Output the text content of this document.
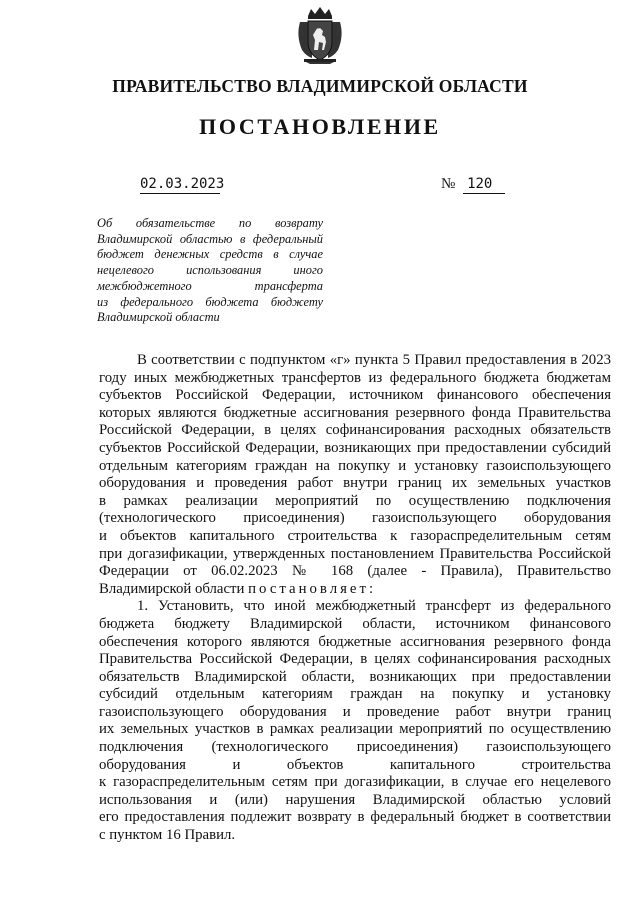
ПРАВИТЕЛЬСТВО ВЛАДИМИРСКОЙ ОБЛАСТИ
ПОСТАНОВЛЕНИЕ
02.03.2023	№ 120
Об обязательстве по возврату
Владимирской областью в федеральный
бюджет денежных средств в случае
нецелевого использования иного
межбюджетного трансферта
из федерального бюджета бюджету
Владимирской области
В соответствии с подпунктом «г» пункта 5 Правил предоставления в 2023
году иных межбюджетных трансфертов из федерального бюджета бюджетам
субъектов Российской Федерации, источником финансового обеспечения
которых являются бюджетные ассигнования резервного фонда Правительства
Российской Федерации, в целях софинансирования расходных обязательств
субъектов Российской Федерации, возникающих при предоставлении субсидий
отдельным категориям граждан на покупку и установку газоиспользующего
оборудования и проведения работ внутри границ их земельных участков
в рамках реализации мероприятий по осуществлению подключения
(технологического присоединения) газоиспользующего оборудования
и объектов капитального строительства к газораспределительным сетям
при догазификации, утвержденных постановлением Правительства Российской
Федерации от 06.02.2023 № 168 (далее - Правила), Правительство
Владимирской области постановляет:
1. Установить, что иной межбюджетный трансферт из федерального
бюджета бюджету Владимирской области, источником финансового
обеспечения которого являются бюджетные ассигнования резервного фонда
Правительства Российской Федерации, в целях софинансирования расходных
обязательств Владимирской области, возникающих при предоставлении
субсидий отдельным категориям граждан на покупку и установку
газоиспользующего оборудования и проведение работ внутри границ
их земельных участков в рамках реализации мероприятий по осуществлению
подключения (технологического присоединения) газоиспользующего
оборудования и объектов капитального строительства
к газораспределительным сетям при догазификации, в случае его нецелевого
использования и (или) нарушения Владимирской областью условий
его предоставления подлежит возврату в федеральный бюджет в соответствии
с пунктом 16 Правил.
